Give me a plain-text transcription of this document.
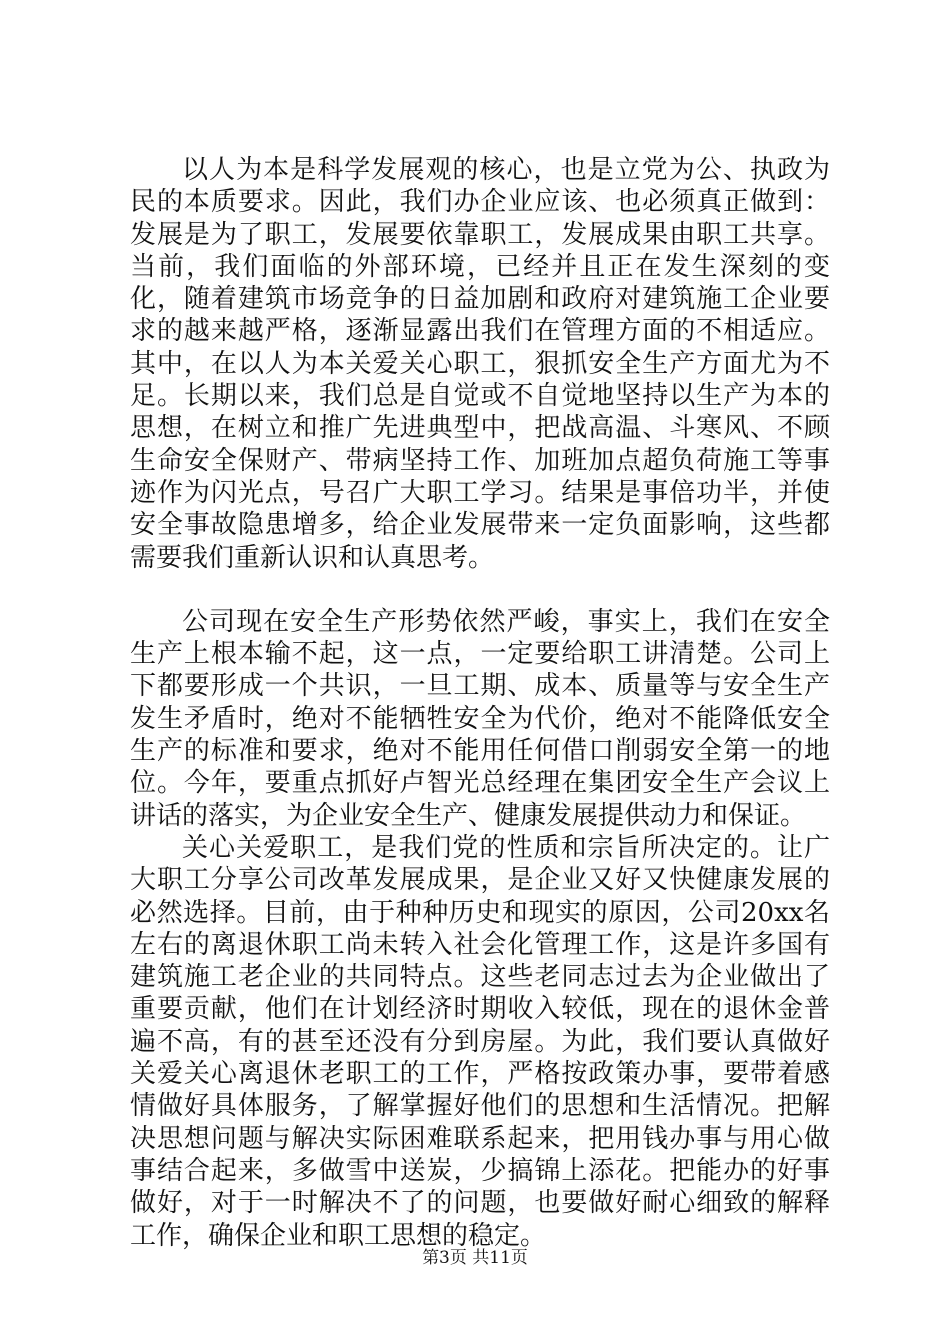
以人为本是科学发展观的核心，也是立党为公、执政为民的本质要求。因此，我们办企业应该、也必须真正做到：发展是为了职工，发展要依靠职工，发展成果由职工共享。当前，我们面临的外部环境，已经并且正在发生深刻的变化，随着建筑市场竞争的日益加剧和政府对建筑施工企业要求的越来越严格，逐渐显露出我们在管理方面的不相适应。其中，在以人为本关爱关心职工，狠抓安全生产方面尤为不足。长期以来，我们总是自觉或不自觉地坚持以生产为本的思想，在树立和推广先进典型中，把战高温、斗寒风、不顾生命安全保财产、带病坚持工作、加班加点超负荷施工等事迹作为闪光点，号召广大职工学习。结果是事倍功半，并使安全事故隐患增多，给企业发展带来一定负面影响，这些都需要我们重新认识和认真思考。

公司现在安全生产形势依然严峻，事实上，我们在安全生产上根本输不起，这一点，一定要给职工讲清楚。公司上下都要形成一个共识，一旦工期、成本、质量等与安全生产发生矛盾时，绝对不能牺牲安全为代价，绝对不能降低安全生产的标准和要求，绝对不能用任何借口削弱安全第一的地位。今年，要重点抓好卢智光总经理在集团安全生产会议上讲话的落实，为企业安全生产、健康发展提供动力和保证。

关心关爱职工，是我们党的性质和宗旨所决定的。让广大职工分享公司改革发展成果，是企业又好又快健康发展的必然选择。目前，由于种种历史和现实的原因，公司20xx名左右的离退休职工尚未转入社会化管理工作，这是许多国有建筑施工老企业的共同特点。这些老同志过去为企业做出了重要贡献，他们在计划经济时期收入较低，现在的退休金普遍不高，有的甚至还没有分到房屋。为此，我们要认真做好关爱关心离退休老职工的工作，严格按政策办事，要带着感情做好具体服务，了解掌握好他们的思想和生活情况。把解决思想问题与解决实际困难联系起来，把用钱办事与用心做事结合起来，多做雪中送炭，少搞锦上添花。把能办的好事做好，对于一时解决不了的问题，也要做好耐心细致的解释工作，确保企业和职工思想的稳定。

第3页 共11页
